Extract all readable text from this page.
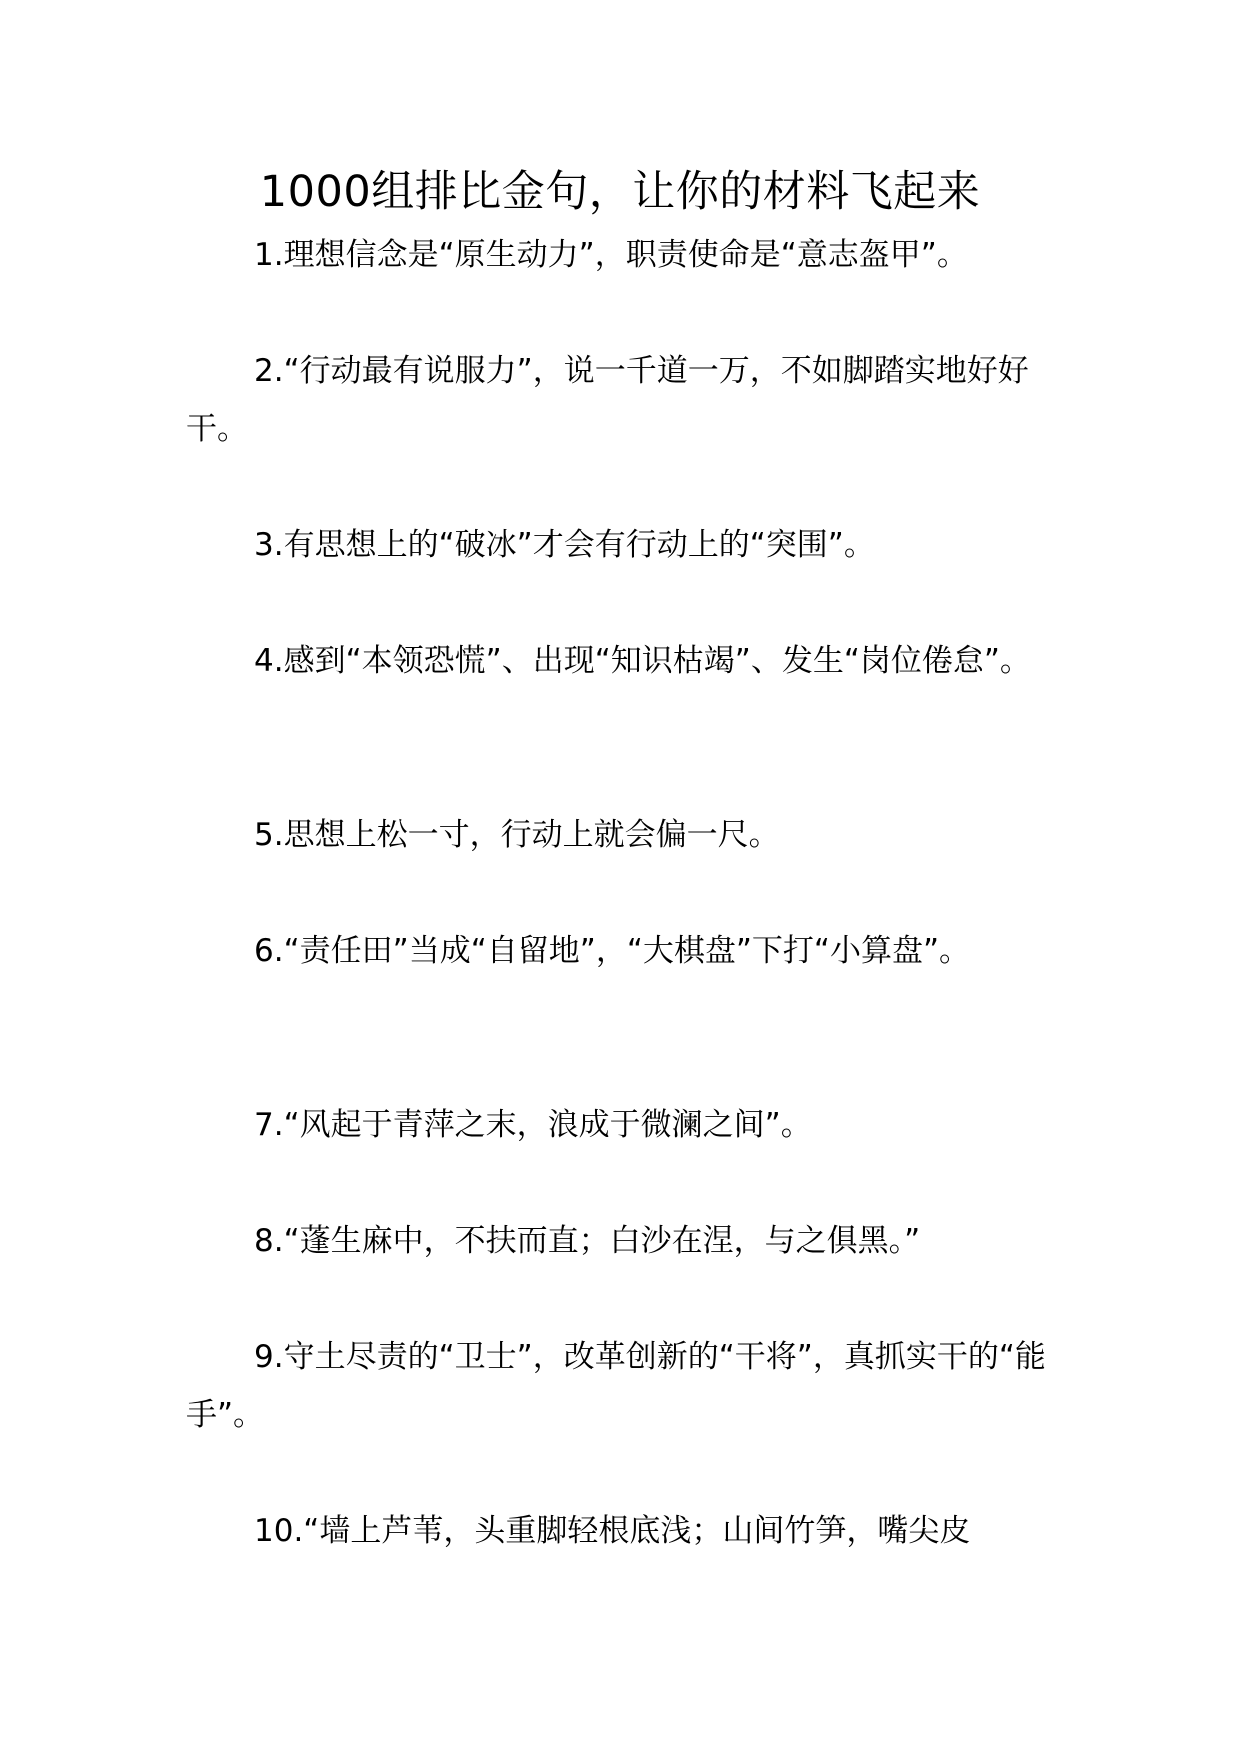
1000组排比金句，让你的材料飞起来

1.理想信念是“原生动力”，职责使命是“意志盔甲”。

2.“行动最有说服力”，说一千道一万，不如脚踏实地好好干。

3.有思想上的“破冰”才会有行动上的“突围”。

4.感到“本领恐慌”、出现“知识枯竭”、发生“岗位倦怠”。

5.思想上松一寸，行动上就会偏一尺。

6.“责任田”当成“自留地”，“大棋盘”下打“小算盘”。

7.“风起于青萍之末，浪成于微澜之间”。

8.“蓬生麻中，不扶而直；白沙在涅，与之俱黑。”

9.守土尽责的“卫士”，改革创新的“干将”，真抓实干的“能手”。

10.“墙上芦苇，头重脚轻根底浅；山间竹笋，嘴尖皮
